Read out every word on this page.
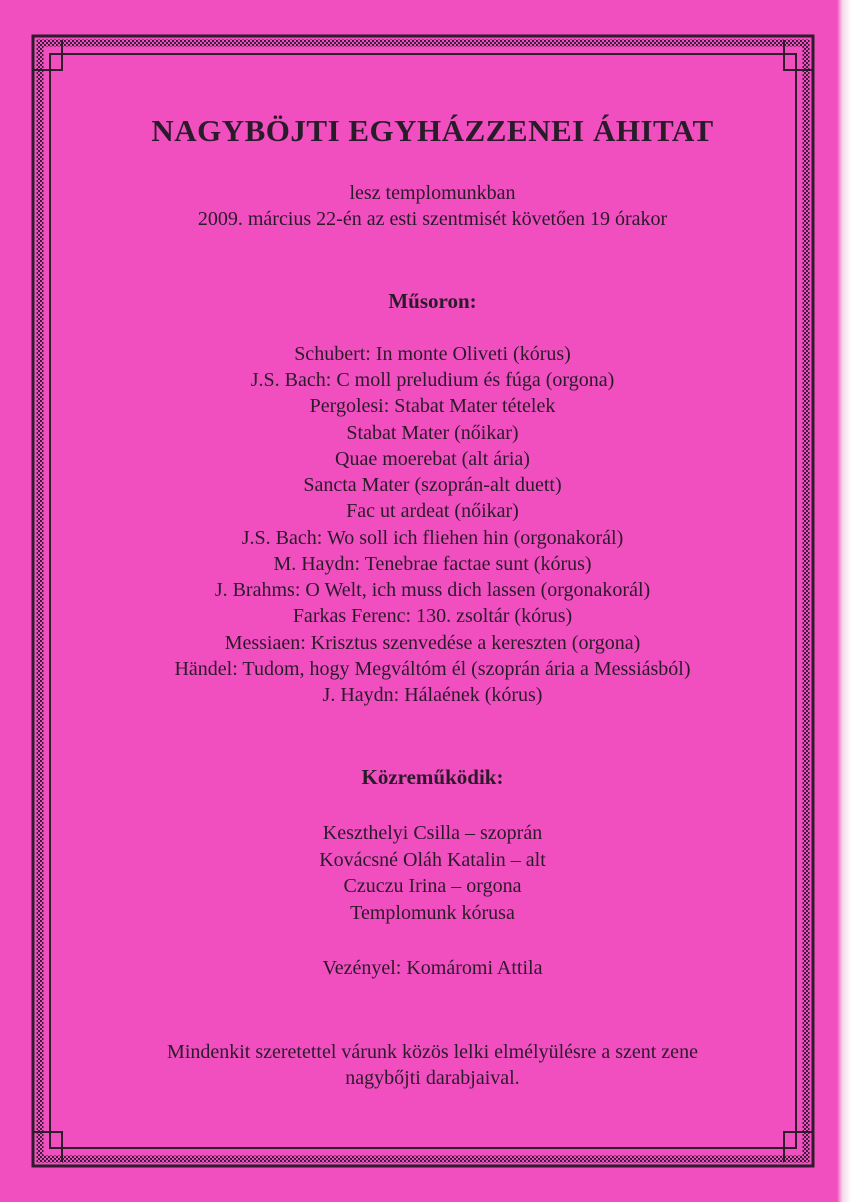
NAGYBÖJTI EGYHÁZZENEI ÁHITAT
lesz templomunkban
2009. március 22-én az esti szentmisét követően 19 órakor
Műsoron:
Schubert: In monte Oliveti (kórus)
J.S. Bach: C moll preludium és fúga (orgona)
Pergolesi: Stabat Mater tételek
Stabat Mater (nőikar)
Quae moerebat (alt ária)
Sancta Mater (szoprán-alt duett)
Fac ut ardeat (nőikar)
J.S. Bach: Wo soll ich fliehen hin (orgonakorál)
M. Haydn: Tenebrae factae sunt (kórus)
J. Brahms: O Welt, ich muss dich lassen (orgonakorál)
Farkas Ferenc: 130. zsoltár (kórus)
Messiaen: Krisztus szenvedése a kereszten (orgona)
Händel: Tudom, hogy Megváltóm él (szoprán ária a Messiásból)
J. Haydn: Hálaének (kórus)
Közreműködik:
Keszthelyi Csilla – szoprán
Kovácsné Oláh Katalin – alt
Czuczu Irina – orgona
Templomunk kórusa
Vezényel: Komáromi Attila
Mindenkit szeretettel várunk közös lelki elmélyülésre a szent zene
nagybőjti darabjaival.
